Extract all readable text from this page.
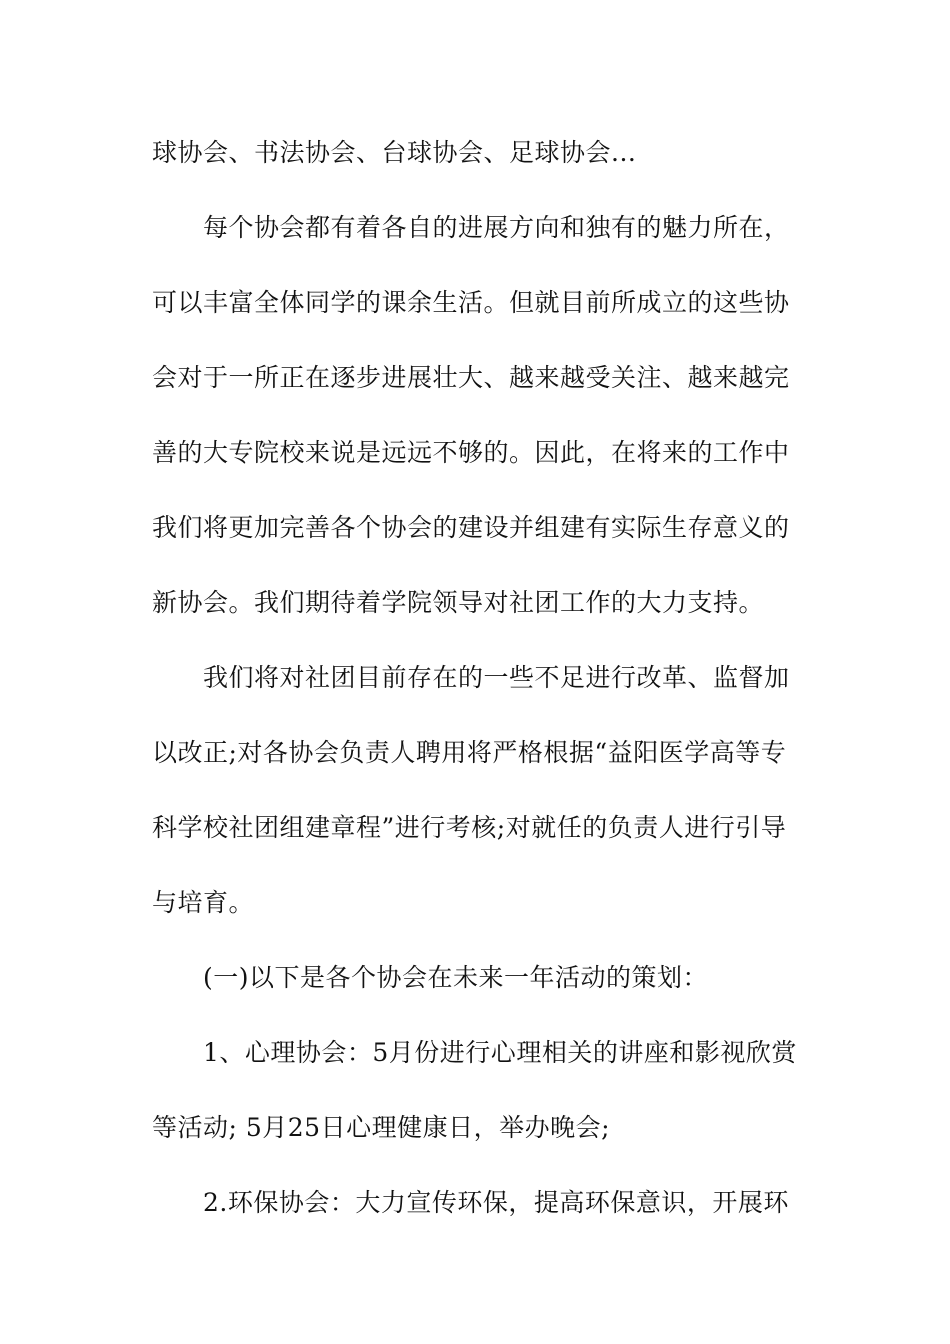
球协会、书法协会、台球协会、足球协会...
每个协会都有着各自的进展方向和独有的魅力所在，
可以丰富全体同学的课余生活。但就目前所成立的这些协
会对于一所正在逐步进展壮大、越来越受关注、越来越完
善的大专院校来说是远远不够的。因此，在将来的工作中
我们将更加完善各个协会的建设并组建有实际生存意义的
新协会。我们期待着学院领导对社团工作的大力支持。
我们将对社团目前存在的一些不足进行改革、监督加
以改正;对各协会负责人聘用将严格根据“益阳医学高等专
科学校社团组建章程”进行考核;对就任的负责人进行引导
与培育。
(一)以下是各个协会在未来一年活动的策划：
1、心理协会：5月份进行心理相关的讲座和影视欣赏
等活动; 5月25日心理健康日，举办晚会;
2.环保协会：大力宣传环保，提高环保意识，开展环
